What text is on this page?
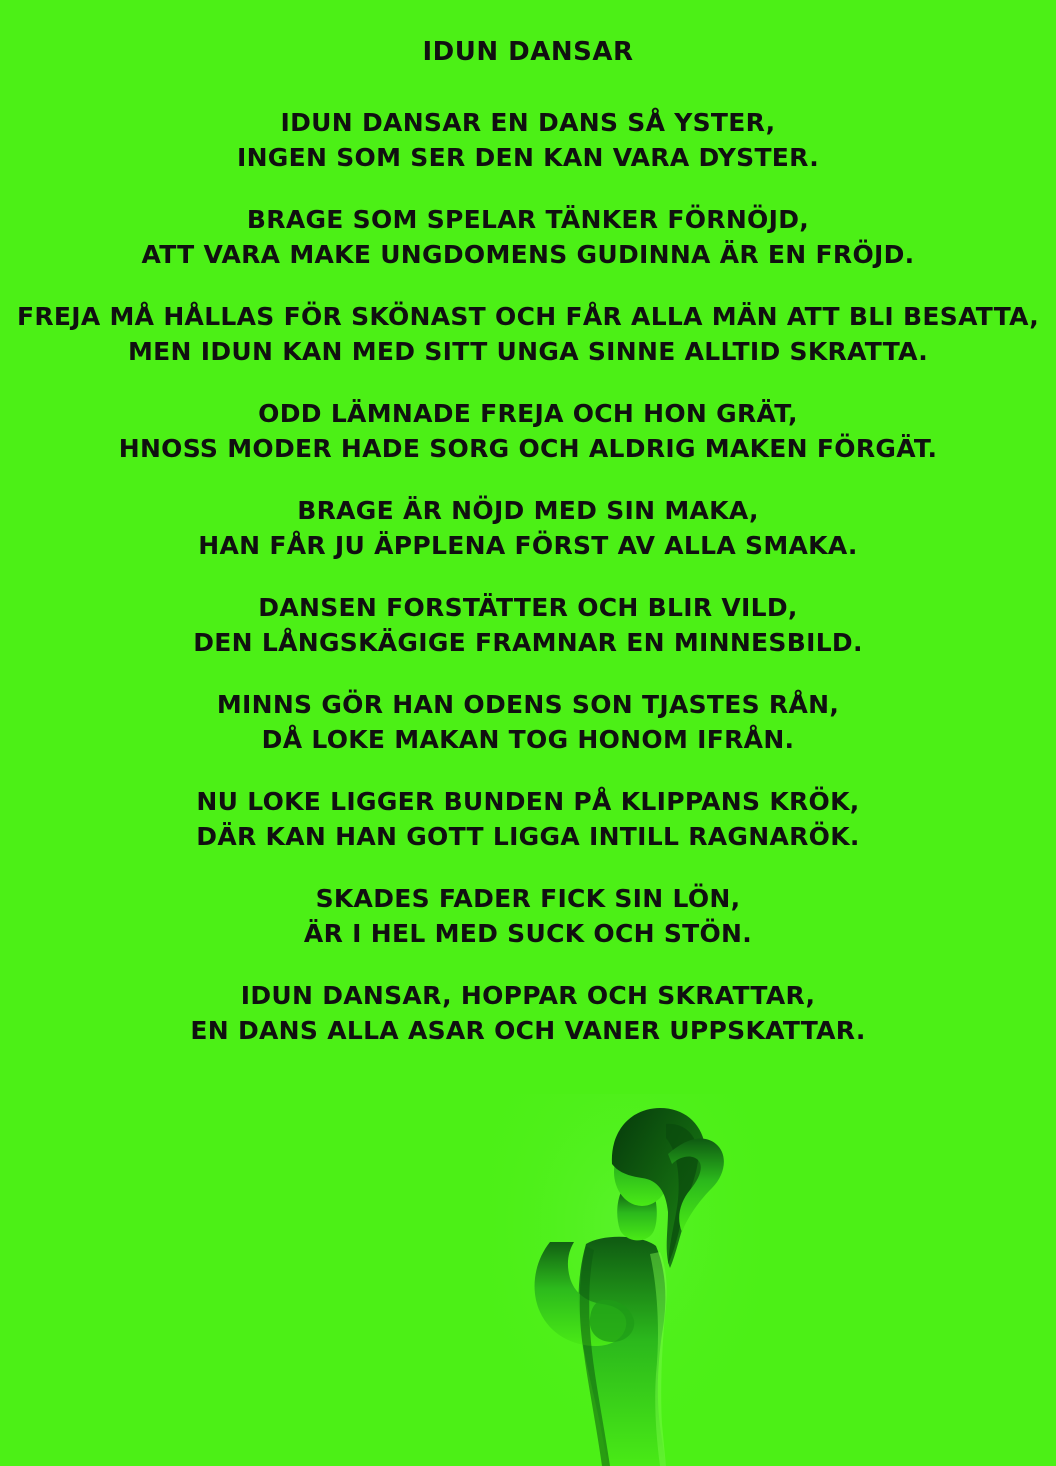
IDUN DANSAR
IDUN DANSAR EN DANS SÅ YSTER,
INGEN SOM SER DEN KAN VARA DYSTER.
BRAGE SOM SPELAR TÄNKER FÖRNÖJD,
ATT VARA MAKE UNGDOMENS GUDINNA ÄR EN FRÖJD.
FREJA MÅ HÅLLAS FÖR SKÖNAST OCH FÅR ALLA MÄN ATT BLI BESATTA,
MEN IDUN KAN MED SITT UNGA SINNE ALLTID SKRATTA.
ODD LÄMNADE FREJA OCH HON GRÄT,
HNOSS MODER HADE SORG OCH ALDRIG MAKEN FÖRGÄT.
BRAGE ÄR NÖJD MED SIN MAKA,
HAN FÅR JU ÄPPLENA FÖRST AV ALLA SMAKA.
DANSEN FORSTÄTTER OCH BLIR VILD,
DEN LÅNGSKÄGIGE FRAMNAR EN MINNESBILD.
MINNS GÖR HAN ODENS SON TJASTES RÅN,
DÅ LOKE MAKAN TOG HONOM IFRÅN.
NU LOKE LIGGER BUNDEN PÅ KLIPPANS KRÖK,
DÄR KAN HAN GOTT LIGGA INTILL RAGNARÖK.
SKADES FADER FICK SIN LÖN,
ÄR I HEL MED SUCK OCH STÖN.
IDUN DANSAR, HOPPAR OCH SKRATTAR,
EN DANS ALLA ASAR OCH VANER UPPSKATTAR.
